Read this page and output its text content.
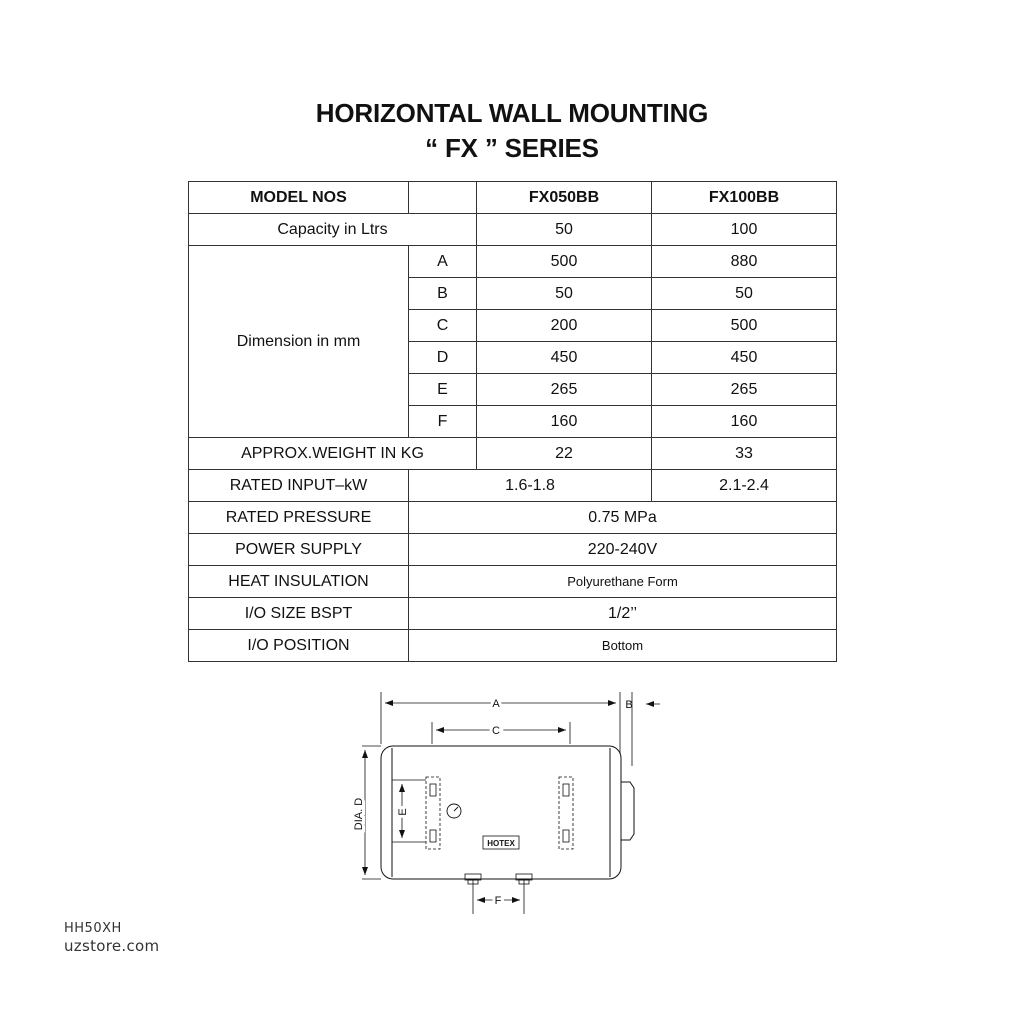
HORIZONTAL WALL MOUNTING
“ FX ” SERIES
MODEL NOS		FX050BB	FX100BB
Capacity in Ltrs		50	100
Dimension in mm	A	500	880
	B	50	50
	C	200	500
	D	450	450
	E	265	265
	F	160	160
APPROX.WEIGHT IN KG		22	33
RATED INPUT–kW	1.6-1.8		2.1-2.4
RATED PRESSURE	0.75 MPa		
POWER SUPPLY	220-240V		
HEAT INSULATION	Polyurethane Form		
I/O SIZE BSPT	1/2’’		
I/O POSITION	Bottom		
HOTEX
A	B
C
DIA. D	E
F
HH50XH
uzstore.com
